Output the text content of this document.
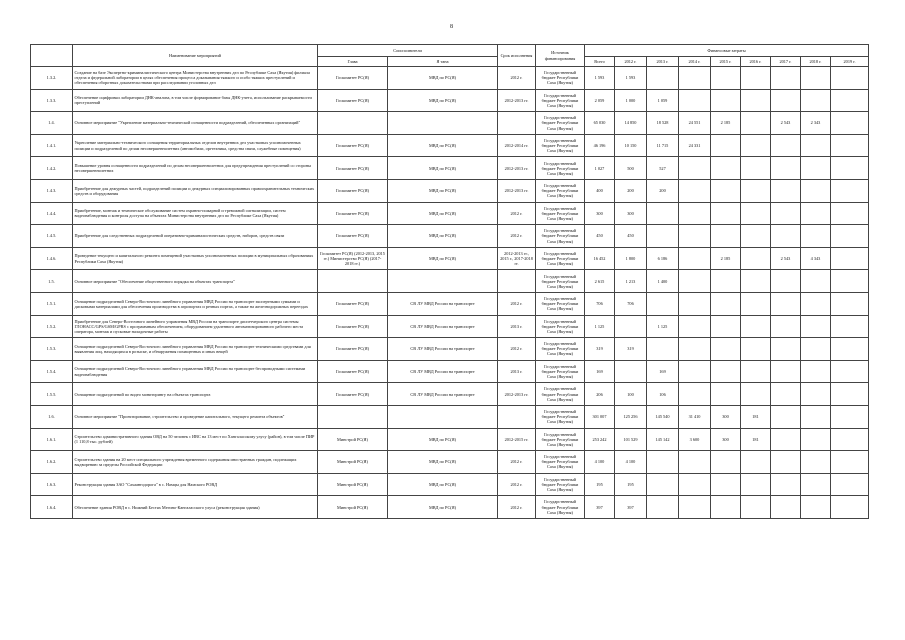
8
	Наименование мероприятий	Соисполнители		Срок исполнения	Источник финансирования	Финансовые затраты								
		Глава	Я тана			Всего	2012 г.	2013 г.	2014 г.	2015 г.	2016 г.	2017 г.	2018 г.	2019 г.
1.3.2.	Создание на базе Экспертно-криминалистического центра Министерства внутренних дел по Республике Саха (Якутия) филиала отдела и федеральной лаборатории в целях обеспечения процесса доказывания тяжкого и особо тяжких преступлений и обеспечения оборотных доказательствами при расследовании уголовных дел	Госкомитет РС(Я)	МВД по РС(Я)	2012 г.	Государственный бюджет Республики Саха (Якутия)	1 593	1 593							
1.3.3.	Обеспечение оцифровки лаборатории ДНК-анализа, в том числе формирование базы ДНК-учета, использование раскрываемости преступлений	Госкомитет РС(Я)	МВД по РС(Я)	2012-2013 гг.	Государственный бюджет Республики Саха (Якутия)	2 059	1 000	1 059						
1.4.	Основное мероприятие "Укрепление материально-технической оснащенности подразделений, обеспеченных организаций"				Государственный бюджет Республики Саха (Якутия)	65 030	14 850	18 528	24 551	2 185		2 543	2 343	
1.4.1.	Укрепление материально-технического оснащения территориальных отделов внутренних дел участковых уполномоченных полиции и подразделений по делам несовершеннолетних (автомобили, оргтехника, средства связи, служебные помещения)	Госкомитет РС(Я)	МВД по РС(Я)	2012-2014 гг.	Государственный бюджет Республики Саха (Якутия)	46 196	10 150	11 715	24 331					
1.4.2.	Повышение уровня оснащенности подразделений по делам несовершеннолетних для предупреждения преступлений со стороны несовершеннолетних	Госкомитет РС(Я)	МВД по РС(Я)	2012-2013 гг.	Государственный бюджет Республики Саха (Якутия)	1 027	500	527						
1.4.3.	Приобретение для дежурных частей, подразделений полиции и дежурных специализированных правоохранительных технических средств и оборудования	Госкомитет РС(Я)	МВД по РС(Я)	2012-2013 гг.	Государственный бюджет Республики Саха (Якутия)	400	200	200						
1.4.4.	Приобретение, монтаж и техническое обслуживание систем охранно-пожарной и тревожной сигнализации, систем видеонаблюдения и контроля доступа на объектах Министерства внутренних дел по Республике Саха (Якутия)	Госкомитет РС(Я)	МВД по РС(Я)	2012 г.	Государственный бюджет Республики Саха (Якутия)	300	300							
1.4.5.	Приобретение для следственных подразделений оперативно-криминалистических средств, наборов, средств связи	Госкомитет РС(Я)	МВД по РС(Я)	2012 г.	Государственный бюджет Республики Саха (Якутия)	450	450							
1.4.6.	Проведение текущего и капитального ремонта помещений участковых уполномоченных полиции в муниципальных образованиях Республики Саха (Якутия)	Госкомитет РС(Я) (2012-2013, 2015 гг.) Министерство РС(Я) (2017-2018 гг.)	МВД по РС(Я)	2012-2013 гг., 2015 г., 2017-2018 гг.	Государственный бюджет Республики Саха (Якутия)	16 452	1 800	6 186		2 185		2 543	4 343	
1.5.	Основное мероприятие "Обеспечение общественного порядка на объектах транспорта"				Государственный бюджет Республики Саха (Якутия)	2 615	1 213	1 400						
1.5.1.	Оснащение подразделений Северо-Восточного линейного управления МВД России на транспорте экспертными сумками и дисковыми материалами для обеспечения производства в аэропортах и речных портах, а также на железнодорожных переездах	Госкомитет РС(Я)	СВ ЛУ МВД России на транспорте	2012 г.	Государственный бюджет Республики Саха (Якутия)	706	706							
1.5.2.	Приобретение для Северо-Восточного линейного управления МВД России на транспорте диспетчерского центра системы ГЛОНАСС/GPS/GSM/GPRS с программным обеспечением, оборудованием удаленного автоматизированного рабочего места оператора, монтаж и пусковые наладочные работы	Госкомитет РС(Я)	СВ ЛУ МВД России на транспорте	2013 г.	Государственный бюджет Республики Саха (Якутия)	1 125		1 125						
1.5.3.	Оснащение подразделений Северо-Восточного линейного управления МВД России на транспорте техническими средствами для выявления лиц, находящихся в розыске, и обнаружения похищенных и иных вещей	Госкомитет РС(Я)	СВ ЛУ МВД России на транспорте	2012 г.	Государственный бюджет Республики Саха (Якутия)	319	319							
1.5.4.	Оснащение подразделений Северо-Восточного линейного управления МВД России на транспорте беспроводными системами видеонаблюдения	Госкомитет РС(Я)	СВ ЛУ МВД России на транспорте	2013 г.	Государственный бюджет Республики Саха (Якутия)	169		169						
1.5.5.	Оснащение подразделений по видео мониторингу на объектах транспорта	Госкомитет РС(Я)	СВ ЛУ МВД России на транспорте	2012-2013 гг.	Государственный бюджет Республики Саха (Якутия)	206	100	106						
1.6.	Основное мероприятие "Проектирование, строительство и проведение капитального, текущего ремонта объектов"				Государственный бюджет Республики Саха (Якутия)	301 007	125 256	145 540	31 410	300	181			
1.6.1.	Строительство административного здания ОВД на 50 человек с ИВС на 13 мест по Хангаласскому улусу (район), в том числе ПИР (1 110,8 тыс. рублей)	Минстрой РС(Я)	МВД по РС(Я)	2012-2015 гг.	Государственный бюджет Республики Саха (Якутия)	253 242	101 529	145 142	3 600	300	181			
1.6.2.	Строительство здания на 20 мест специального учреждения временного содержания иностранных граждан, подлежащих выдворению за пределы Российской Федерации	Минстрой РС(Я)	МВД по РС(Я)	2012 г.	Государственный бюджет Республики Саха (Якутия)	4 100	4 100							
1.6.3.	Реконструкция здания ЗАО "Сахаавтодорога" в с. Намцы для Намского РОВД	Минстрой РС(Я)	МВД по РС(Я)	2012 г.	Государственный бюджет Республики Саха (Якутия)	195	195							
1.6.4.	Обеспечение здания РОВД в с. Нижний Бестях Мегино-Кангаласского улуса (реконструкция здания)	Минстрой РС(Я)	МВД по РС(Я)	2012 г.	Государственный бюджет Республики Саха (Якутия)	397	397							
